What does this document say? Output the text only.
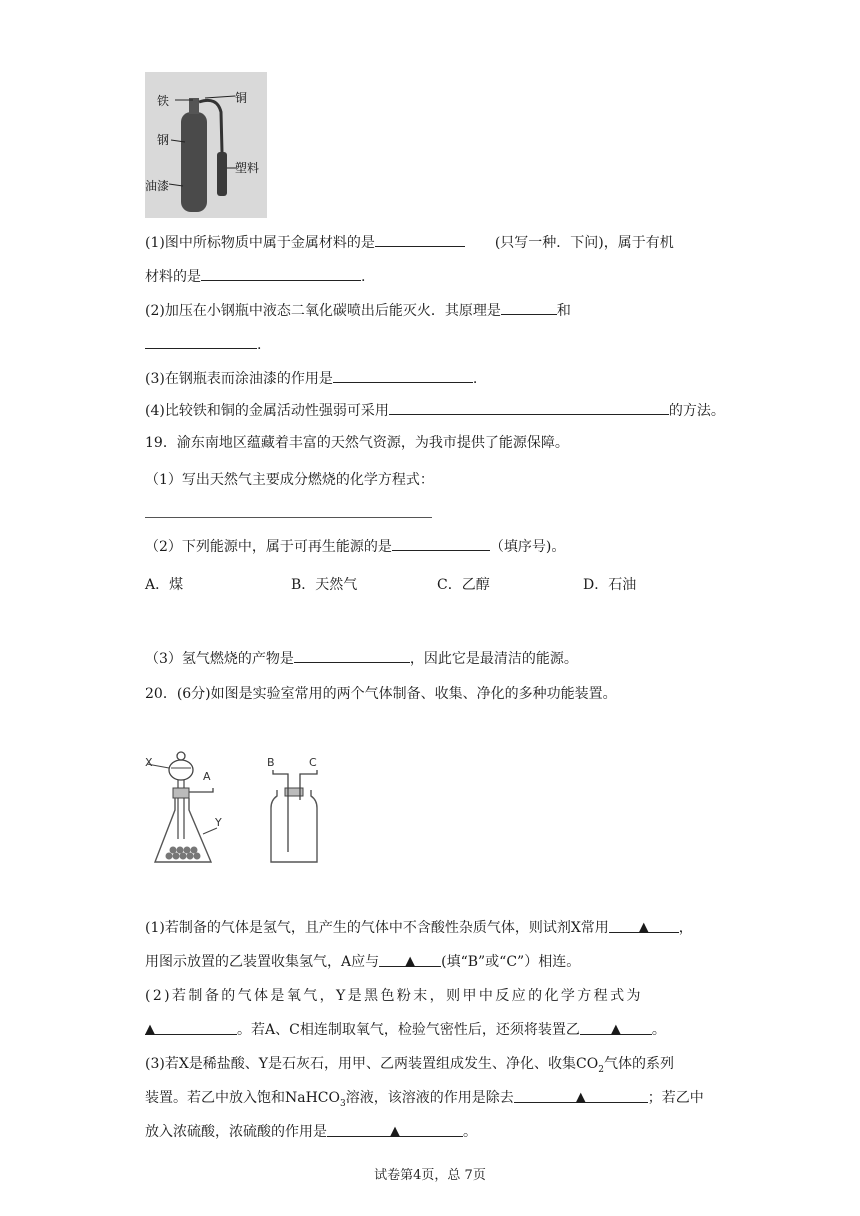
铁	铜
钢
塑料
油漆
(1)图中所标物质中属于金属材料的是	(只写一种．下问)，属于有机
材料的是	.
(2)加压在小钢瓶中液态二氧化碳喷出后能灭火．其原理是	和
.
(3)在钢瓶表而涂油漆的作用是	.
(4)比较铁和铜的金属活动性强弱可采用	的方法。
19．渝东南地区蕴藏着丰富的天然气资源，为我市提供了能源保障。
（1）写出天然气主要成分燃烧的化学方程式：
（2）下列能源中，属于可再生能源的是	（填序号)。
A．煤	B．天然气	C．乙醇	D．石油
（3）氢气燃烧的产物是	，因此它是最清洁的能源。
20．(6分)如图是实验室常用的两个气体制备、收集、净化的多种功能装置。
X
A
Y
B	C
(1)若制备的气体是氢气，且产生的气体中不含酸性杂质气体，则试剂X常用 ▲ ，
用图示放置的乙装置收集氢气，A应与 ▲ (填“B”或“C”）相连。
(2)若制备的气体是氧气，Y是黑色粉末，则甲中反应的化学方程式为
▲	。若A、C相连制取氧气，检验气密性后，还须将装置乙 ▲ 。
(3)若X是稀盐酸、Y是石灰石，用甲、乙两装置组成发生、净化、收集$CO_2$气体的系列
装置。若乙中放入饱和NaHCO$_3$溶液，该溶液的作用是除去	▲	；若乙中
放入浓硫酸，浓硫酸的作用是	▲	。
试卷第4页，总 7页
